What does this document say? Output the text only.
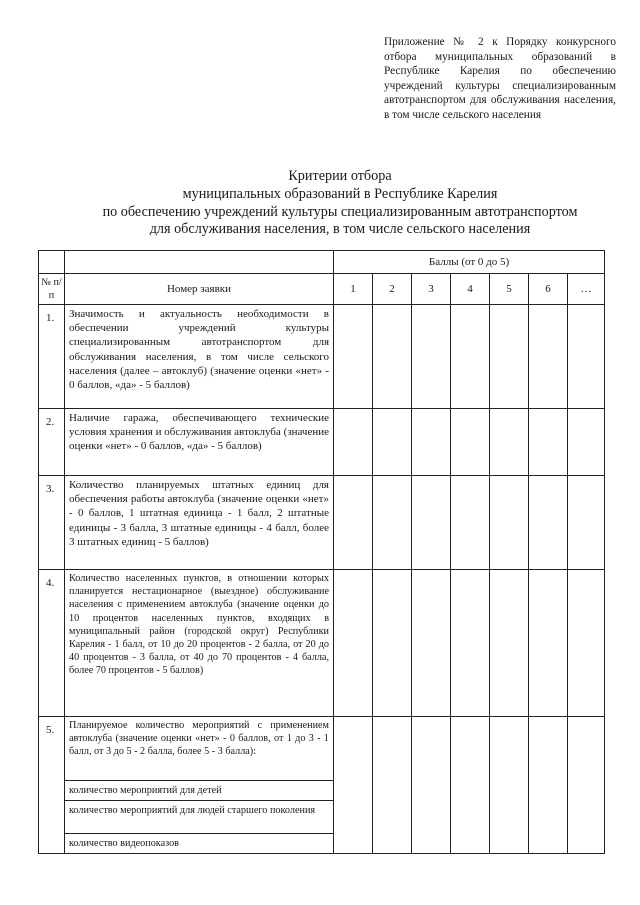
Приложение № 2 к Порядку конкурсного отбора муниципальных образований в Республике Карелия по обеспечению учреждений культуры специализированным автотранспортом для обслуживания населения, в том числе сельского населения
Критерии отбора
муниципальных образований в Республике Карелия
по обеспечению учреждений культуры специализированным автотранспортом
для обслуживания населения, в том числе сельского населения
		Баллы (от 0 до 5)						
№ п/п	Номер заявки	1	2	3	4	5	6	…
1.	Значимость и актуальность необходимости в обеспечении учреждений культуры специализированным автотранспортом для обслуживания населения, в том числе сельского населения (далее – автоклуб) (значение оценки «нет» - 0 баллов, «да» - 5 баллов)							
2.	Наличие гаража, обеспечивающего технические условия хранения и обслуживания автоклуба (значение оценки «нет» - 0 баллов, «да» - 5 баллов)							
3.	Количество планируемых штатных единиц для обеспечения работы автоклуба (значение оценки «нет» - 0 баллов, 1 штатная единица - 1 балл, 2 штатные единицы - 3 балла, 3 штатные единицы - 4 балл, более 3 штатных единиц - 5 баллов)							
4.	Количество населенных пунктов, в отношении которых планируется нестационарное (выездное) обслуживание населения с применением автоклуба (значение оценки до 10 процентов населенных пунктов, входящих в муниципальный район (городской округ) Республики Карелия - 1 балл, от 10 до 20 процентов - 2 балла, от 20 до 40 процентов - 3 балла, от 40 до 70 процентов - 4 балла, более 70 процентов - 5 баллов)							
5.	Планируемое количество мероприятий с применением автоклуба (значение оценки «нет» - 0 баллов, от 1 до 3 - 1 балл, от 3 до 5 - 2 балла, более 5 - 3 балла):							
	количество мероприятий для детей							
	количество мероприятий для людей старшего поколения							
	количество видеопоказов							
